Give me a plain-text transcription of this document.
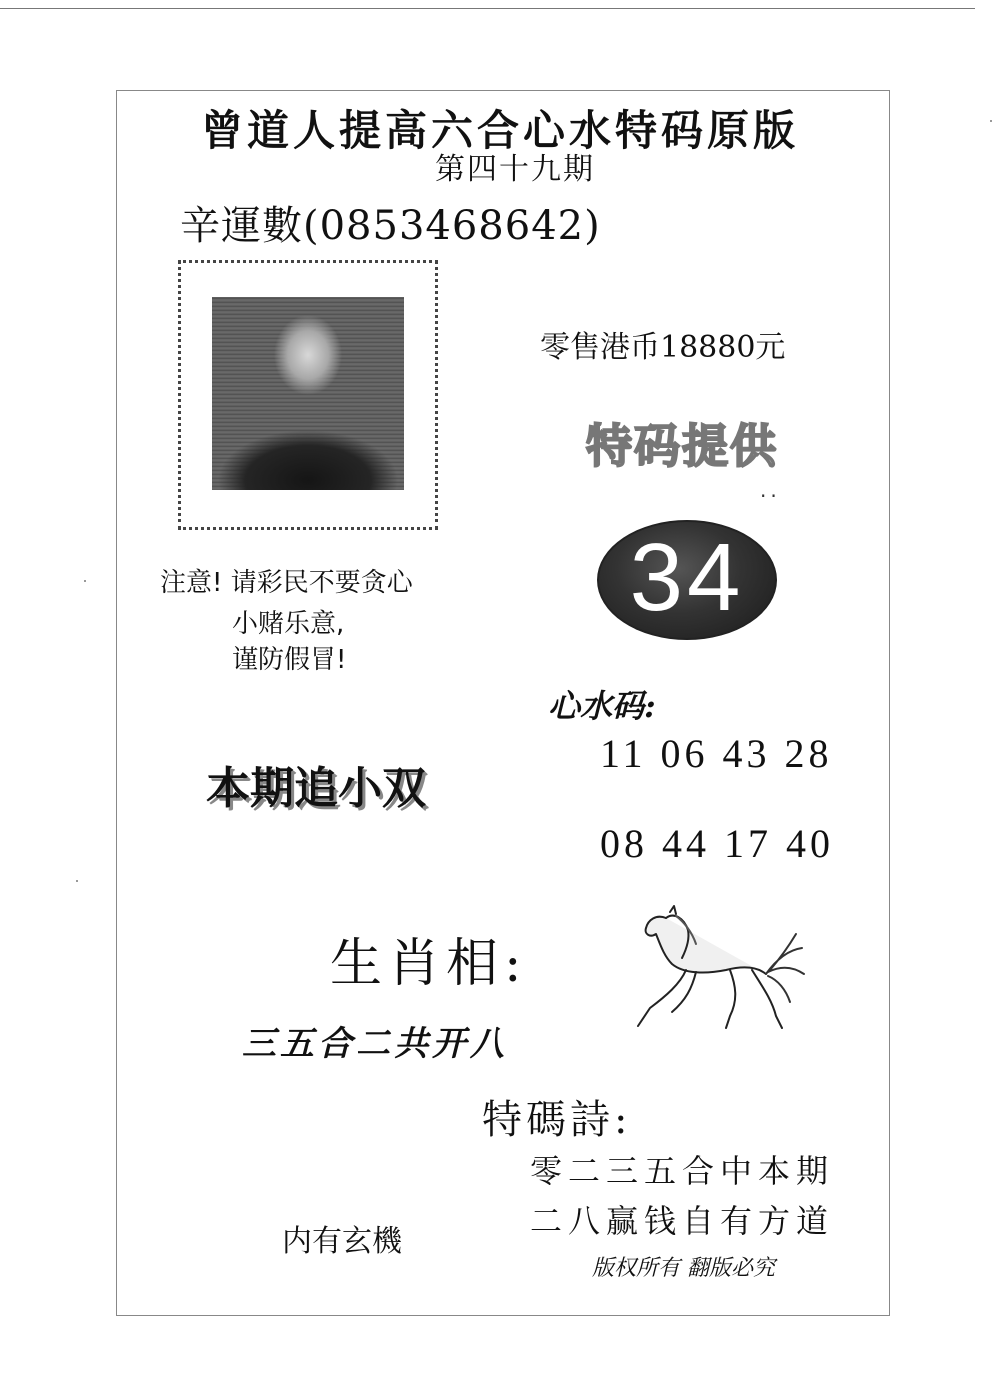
曾道人提高六合心水特码原版
第四十九期
辛運數(0853468642)
零售港币18880元
特码提供
..
34
注意! 请彩民不要贪心
小赌乐意,
谨防假冒!
心水码:
11 06 43 28
08 44 17 40
本期追小双
生肖相:
三五合二共开八
特碼詩:
零二三五合中本期
二八赢钱自有方道
内有玄機
版权所有 翻版必究
